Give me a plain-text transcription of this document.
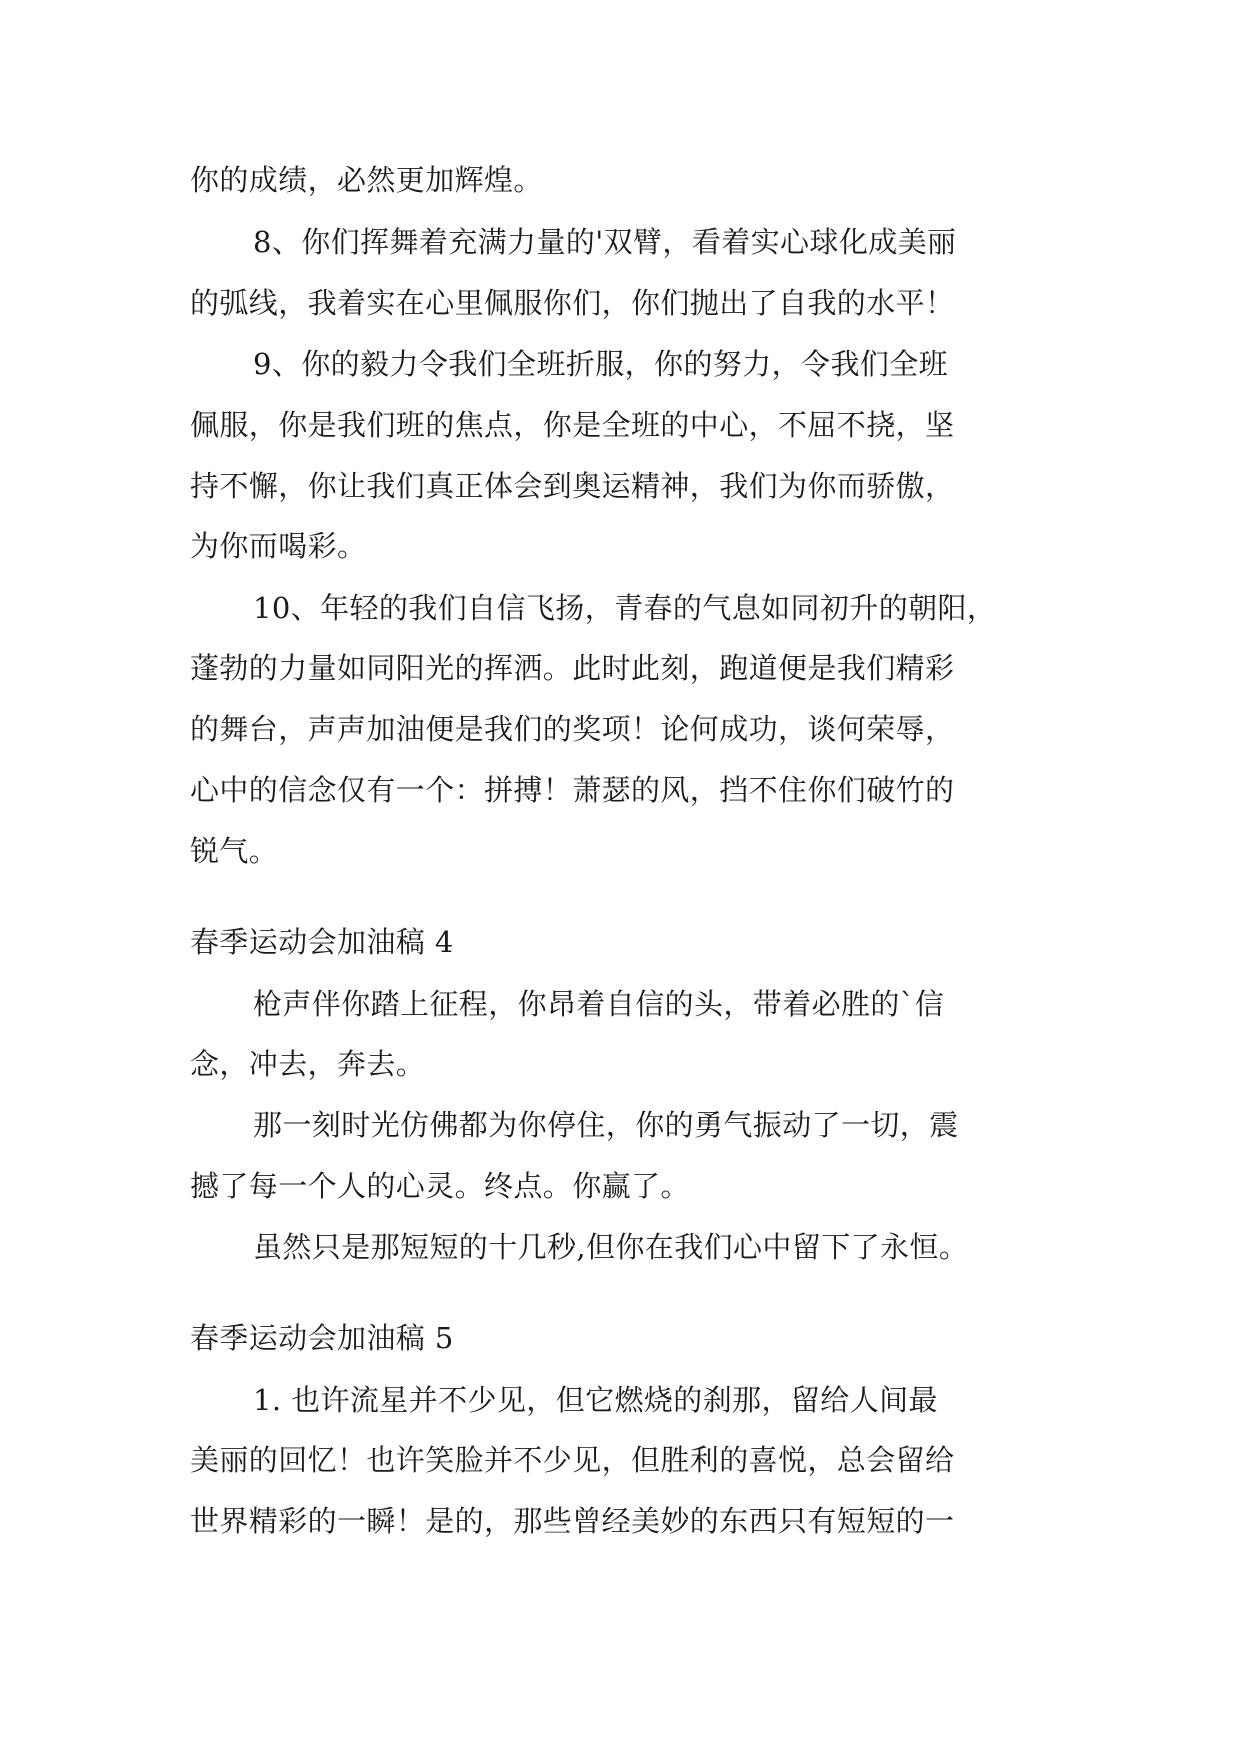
你的成绩，必然更加辉煌。
8、你们挥舞着充满力量的'双臂，看着实心球化成美丽
的弧线，我着实在心里佩服你们，你们抛出了自我的水平！
9、你的毅力令我们全班折服，你的努力，令我们全班
佩服，你是我们班的焦点，你是全班的中心，不屈不挠，坚
持不懈，你让我们真正体会到奥运精神，我们为你而骄傲，
为你而喝彩。
10、年轻的我们自信飞扬，青春的气息如同初升的朝阳，
蓬勃的力量如同阳光的挥洒。此时此刻，跑道便是我们精彩
的舞台，声声加油便是我们的奖项！论何成功，谈何荣辱，
心中的信念仅有一个：拼搏！萧瑟的风，挡不住你们破竹的
锐气。
春季运动会加油稿 4
枪声伴你踏上征程，你昂着自信的头，带着必胜的`信
念，冲去，奔去。
那一刻时光仿佛都为你停住，你的勇气振动了一切，震
撼了每一个人的心灵。终点。你赢了。
虽然只是那短短的十几秒,但你在我们心中留下了永恒。
春季运动会加油稿 5
1. 也许流星并不少见，但它燃烧的刹那，留给人间最
美丽的回忆！也许笑脸并不少见，但胜利的喜悦，总会留给
世界精彩的一瞬！是的，那些曾经美妙的东西只有短短的一
